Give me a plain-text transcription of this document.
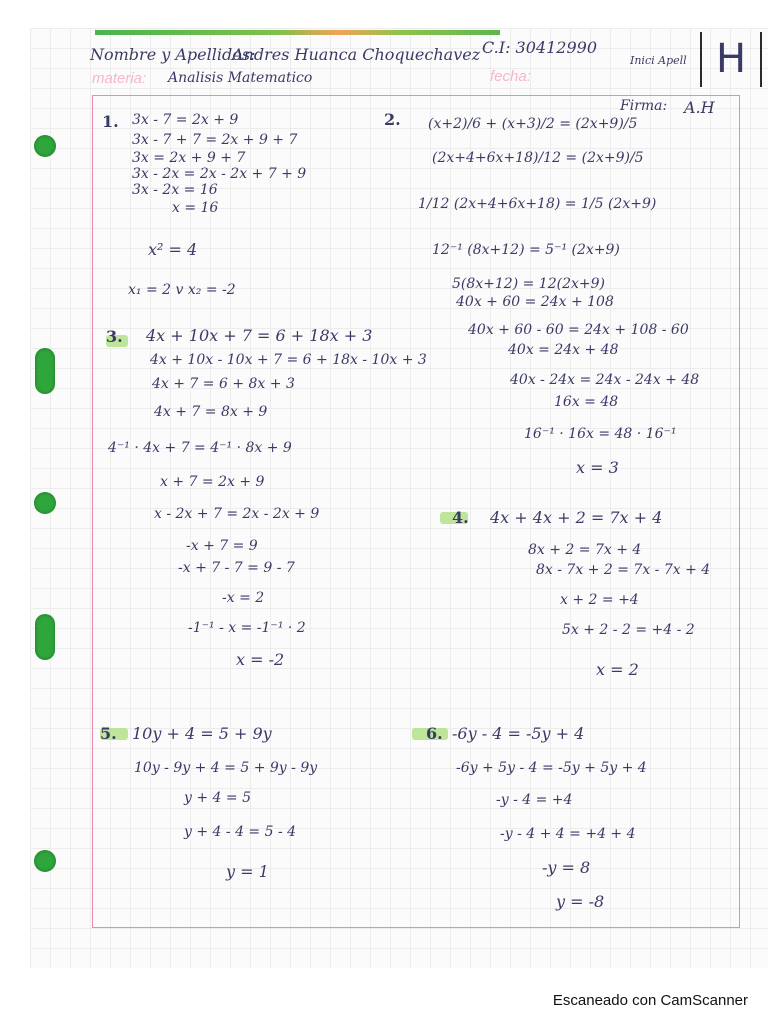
Nombre y Apellidos:
Andres Huanca Choquechavez C.I: 30412990
materia: Analisis Matematico	fecha:
Inici Apell H
Firma: A.H
1. 3x - 7 = 2x + 9
3x - 7 + 7 = 2x + 9 + 7
3x = 2x + 9 + 7
3x - 2x = 2x - 2x + 7 + 9
3x - 2x = 16
x = 16
x² = 4
x₁ = 2 v x₂ = -2
2. (x+2)/6 + (x+3)/2 = (2x+9)/5
(2x+4+6x+18)/12 = (2x+9)/5
1/12 (2x+4+6x+18) = 1/5 (2x+9)
12⁻¹ (8x+12) = 5⁻¹ (2x+9)
5(8x+12) = 12(2x+9)
40x + 60 = 24x + 108
40x + 60 - 60 = 24x + 108 - 60
40x = 24x + 48
40x - 24x = 24x - 24x + 48
16x = 48
16⁻¹ · 16x = 48 · 16⁻¹
x = 3
3. 4x + 10x + 7 = 6 + 18x + 3
4x + 10x - 10x + 7 = 6 + 18x - 10x + 3
4x + 7 = 6 + 8x + 3
4x + 7 = 8x + 9
4⁻¹ · 4x + 7 = 4⁻¹ · 8x + 9
x + 7 = 2x + 9
x - 2x + 7 = 2x - 2x + 9
-x + 7 = 9
-x + 7 - 7 = 9 - 7
-x = 2
-1⁻¹ - x = -1⁻¹ · 2
x = -2
4. 4x + 4x + 2 = 7x + 4
8x + 2 = 7x + 4
8x - 7x + 2 = 7x - 7x + 4
x + 2 = +4
5x + 2 - 2 = +4 - 2
x = 2
5. 10y + 4 = 5 + 9y
10y - 9y + 4 = 5 + 9y - 9y
y + 4 = 5
y + 4 - 4 = 5 - 4
y = 1
6. -6y - 4 = -5y + 4
-6y + 5y - 4 = -5y + 5y + 4
-y - 4 = +4
-y - 4 + 4 = +4 + 4
-y = 8
y = -8
Escaneado con CamScanner
